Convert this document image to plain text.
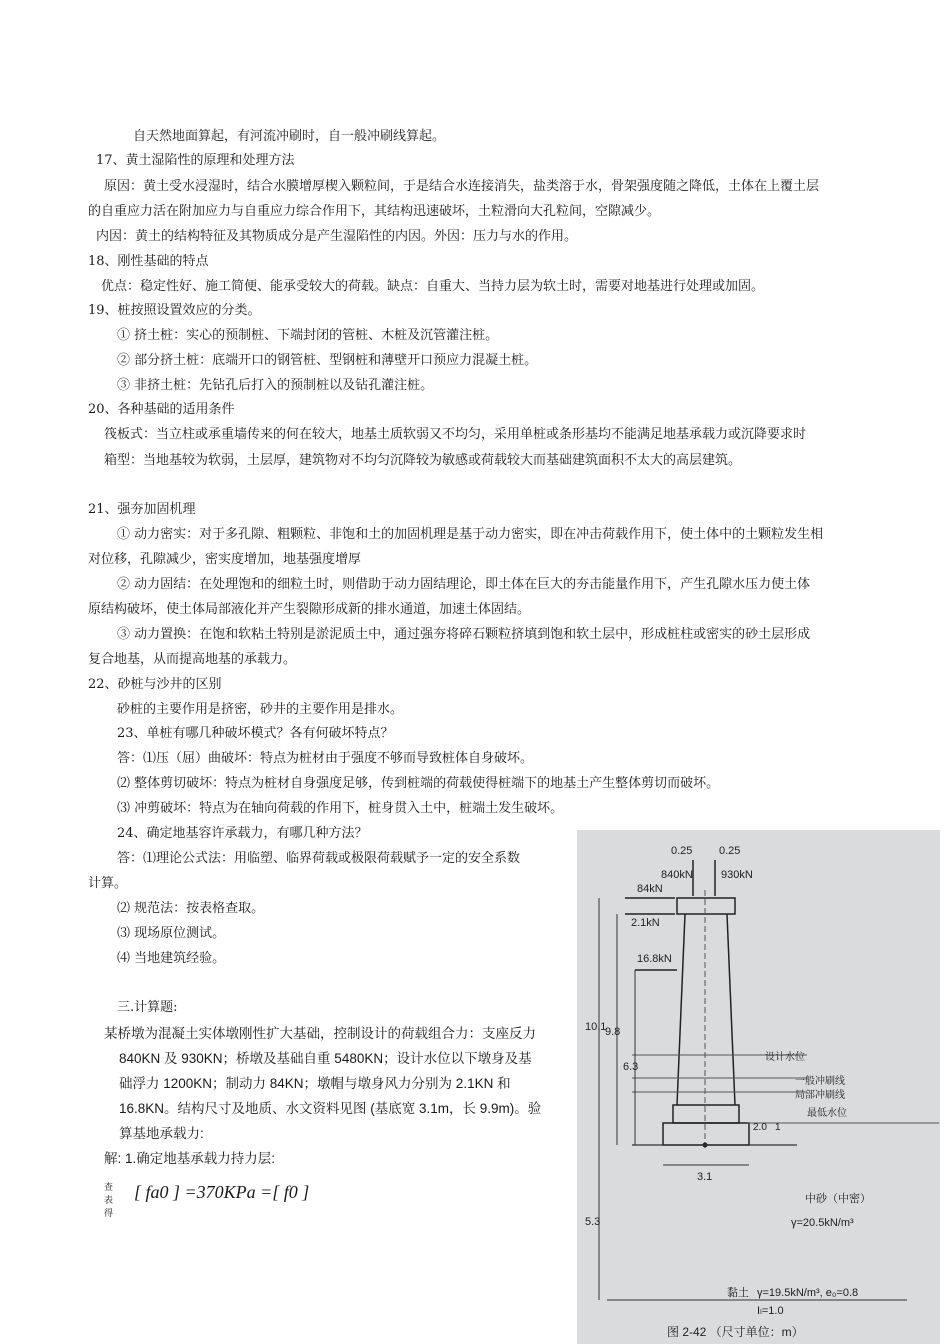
自天然地面算起，有河流冲刷时，自一般冲刷线算起。
17、黄土湿陷性的原理和处理方法
原因：黄土受水浸湿时，结合水膜增厚楔入颗粒间，于是结合水连接消失，盐类溶于水，骨架强度随之降低，土体在上覆土层
的自重应力活在附加应力与自重应力综合作用下，其结构迅速破坏，土粒滑向大孔粒间，空隙减少。
内因：黄土的结构特征及其物质成分是产生湿陷性的内因。外因：压力与水的作用。
18、刚性基础的特点
优点：稳定性好、施工简便、能承受较大的荷载。缺点：自重大、当持力层为软土时，需要对地基进行处理或加固。
19、桩按照设置效应的分类。
① 挤土桩：实心的预制桩、下端封闭的管桩、木桩及沉管灌注桩。
② 部分挤土桩：底端开口的钢管桩、型钢桩和薄壁开口预应力混凝土桩。
③ 非挤土桩：先钻孔后打入的预制桩以及钻孔灌注桩。
20、各种基础的适用条件
筏板式：当立柱或承重墙传来的何在较大，地基土质软弱又不均匀，采用单桩或条形基均不能满足地基承载力或沉降要求时
箱型：当地基较为软弱，土层厚，建筑物对不均匀沉降较为敏感或荷载较大而基础建筑面积不太大的高层建筑。
21、强夯加固机理
① 动力密实：对于多孔隙、粗颗粒、非饱和土的加固机理是基于动力密实，即在冲击荷载作用下，使土体中的土颗粒发生相
对位移，孔隙减少，密实度增加，地基强度增厚
② 动力固结：在处理饱和的细粒土时，则借助于动力固结理论，即土体在巨大的夯击能量作用下，产生孔隙水压力使土体
原结构破坏，使土体局部液化并产生裂隙形成新的排水通道，加速土体固结。
③ 动力置换：在饱和软粘土特别是淤泥质土中，通过强夯将碎石颗粒挤填到饱和软土层中，形成桩柱或密实的砂土层形成
复合地基，从而提高地基的承载力。
22、砂桩与沙井的区别
砂桩的主要作用是挤密，砂井的主要作用是排水。
23、单桩有哪几种破坏模式？各有何破坏特点？
答：⑴压（屈）曲破坏：特点为桩材由于强度不够而导致桩体自身破坏。
⑵ 整体剪切破坏：特点为桩材自身强度足够，传到桩端的荷载使得桩端下的地基土产生整体剪切而破坏。
⑶ 冲剪破坏：特点为在轴向荷载的作用下，桩身贯入土中，桩端土发生破坏。
24、确定地基容许承载力，有哪几种方法？
答：⑴理论公式法：用临塑、临界荷载或极限荷载赋予一定的安全系数
计算。
⑵ 规范法：按表格查取。
⑶ 现场原位测试。
⑷ 当地建筑经验。
三.计算题:
某桥墩为混凝土实体墩刚性扩大基础，控制设计的荷载组合力：支座反力
840KN 及 930KN；桥墩及基础自重 5480KN；设计水位以下墩身及基
础浮力 1200KN；制动力 84KN；墩帽与墩身风力分别为 2.1KN 和
16.8KN。结构尺寸及地质、水文资料见图 (基底宽 3.1m，长 9.9m)。验
算基地承载力:
解: 1.确定地基承载力持力层:
查表得
[ fa0 ] =370KPa =[ f0 ]
0.25 0.25
840kN	930kN
84kN
2.1kN
16.8kN
10.1
9.8
6.3
2.0 1
3.1
5.3
设计水位
一般冲刷线
局部冲刷线
最低水位
中砂（中密）
γ=20.5kN/m³
黏土 γ=19.5kN/m³, e₀=0.8
Iₗ=1.0
图 2-42 （尺寸单位：m）
